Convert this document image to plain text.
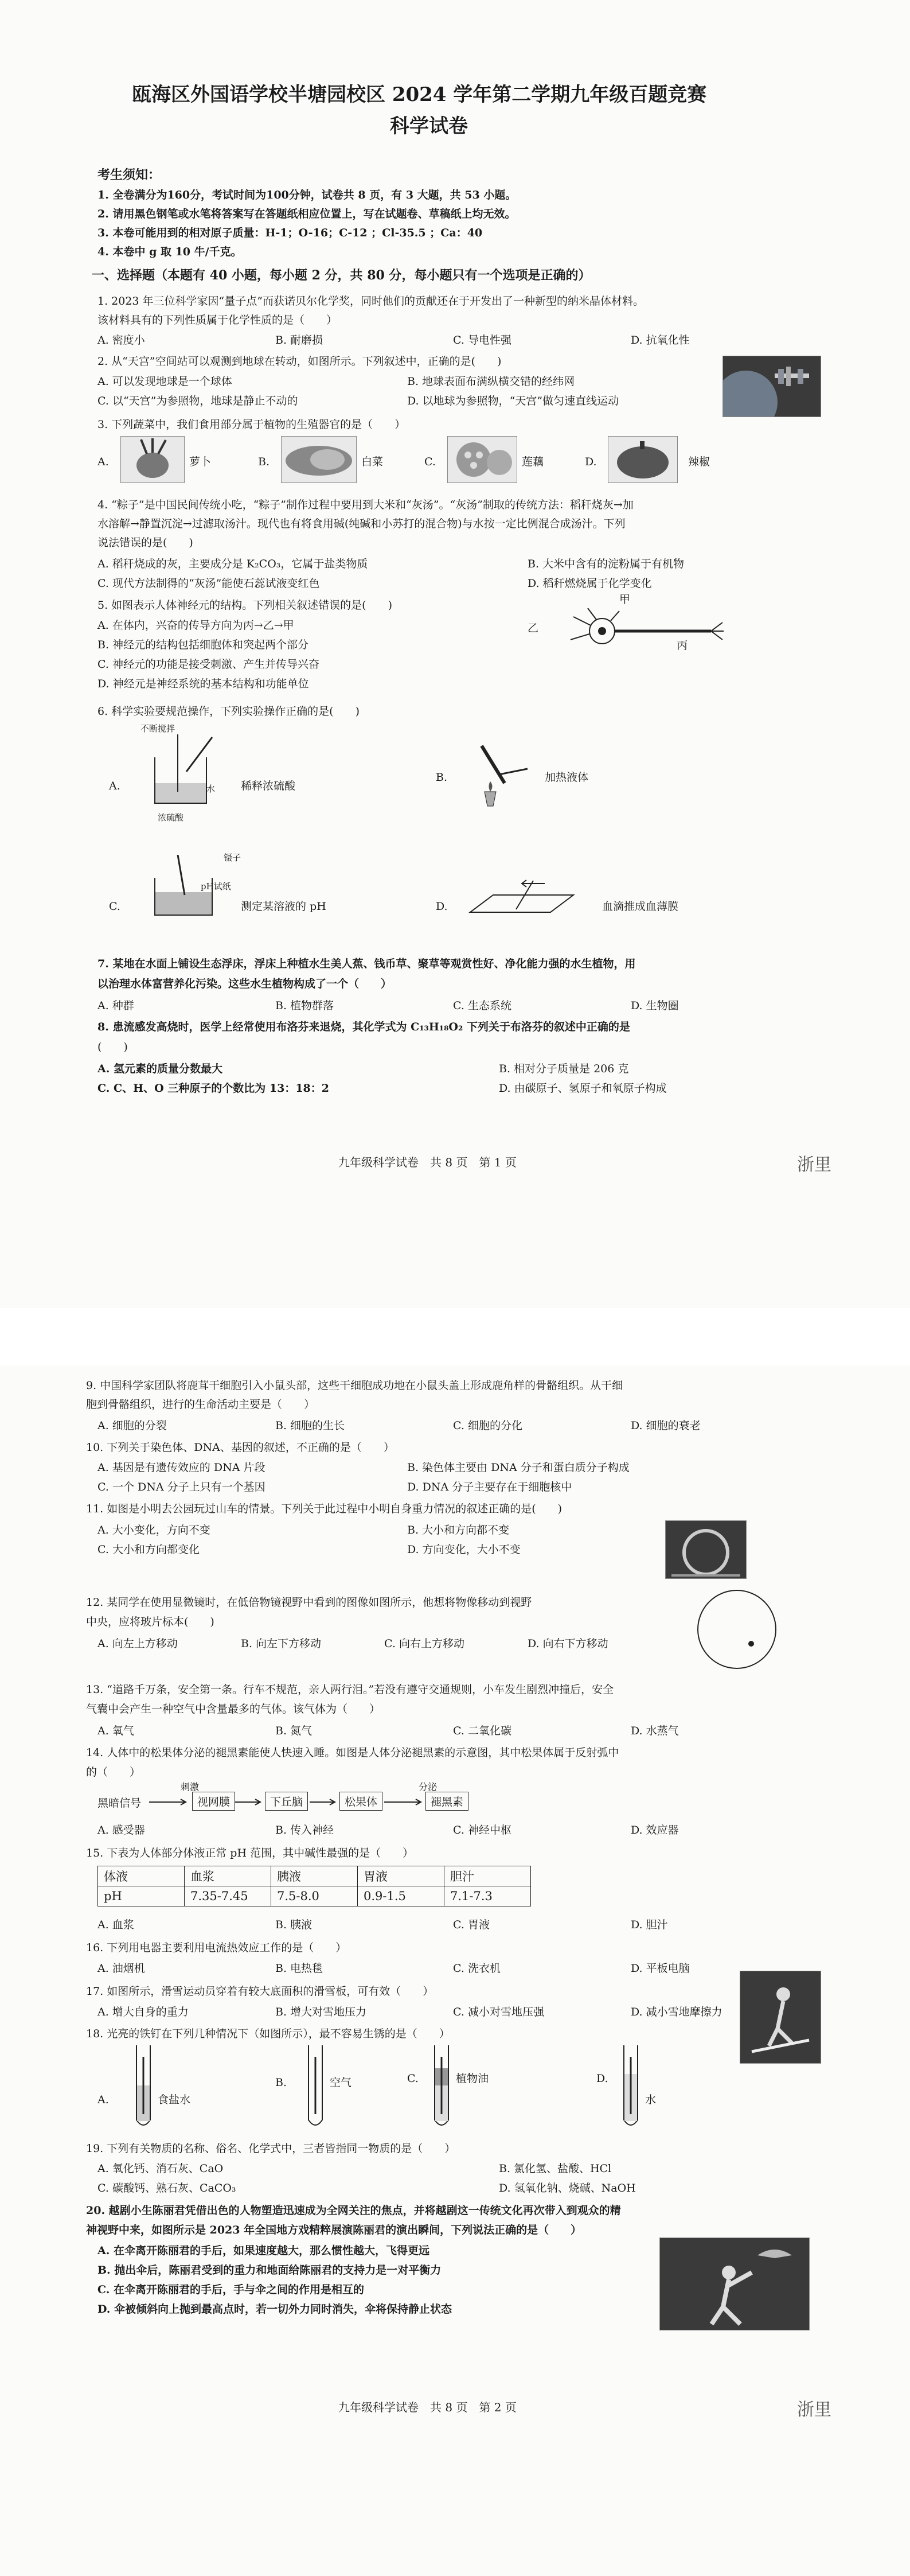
瓯海区外国语学校半塘园校区 2024 学年第二学期九年级百题竞赛
科学试卷
考生须知：
1. 全卷满分为160分，考试时间为100分钟，试卷共 8 页，有 3 大题，共 53 小题。
2. 请用黑色钢笔或水笔将答案写在答题纸相应位置上，写在试题卷、草稿纸上均无效。
3. 本卷可能用到的相对原子质量：H-1；O-16；C-12 ；Cl-35.5 ；Ca：40
4. 本卷中 g 取 10 牛/千克。
一、选择题（本题有 40 小题，每小题 2 分，共 80 分，每小题只有一个选项是正确的）
1. 2023 年三位科学家因“量子点”而获诺贝尔化学奖，同时他们的贡献还在于开发出了一种新型的纳米晶体材料。
该材料具有的下列性质属于化学性质的是（　　）
A. 密度小	B. 耐磨损	C. 导电性强	D. 抗氧化性
2. 从“天宫”空间站可以观测到地球在转动，如图所示。下列叙述中，正确的是(　　)
A. 可以发现地球是一个球体	B. 地球表面布满纵横交错的经纬网
C. 以“天宫”为参照物，地球是静止不动的	D. 以地球为参照物，“天宫”做匀速直线运动
3. 下列蔬菜中，我们食用部分属于植物的生殖器官的是（　　）
A.	萝卜	B.	白菜	C.	莲藕	D.	辣椒
4. “粽子”是中国民间传统小吃，“粽子”制作过程中要用到大米和“灰汤”。“灰汤”制取的传统方法：稻秆烧灰→加
水溶解→静置沉淀→过滤取汤汁。现代也有将食用碱(纯碱和小苏打的混合物)与水按一定比例混合成汤汁。下列
说法错误的是(　　)
A. 稻秆烧成的灰，主要成分是 K₂CO₃，它属于盐类物质	B. 大米中含有的淀粉属于有机物
C. 现代方法制得的“灰汤”能使石蕊试液变红色	D. 稻秆燃烧属于化学变化
5. 如图表示人体神经元的结构。下列相关叙述错误的是(　　)
A. 在体内，兴奋的传导方向为丙→乙→甲
B. 神经元的结构包括细胞体和突起两个部分
C. 神经元的功能是接受刺激、产生并传导兴奋
D. 神经元是神经系统的基本结构和功能单位
乙
甲
丙
6. 科学实验要规范操作，下列实验操作正确的是(　　)
A.
不断搅拌
水
浓硫酸
稀释浓硫酸
B.	加热液体
C.
镊子
pH试纸
测定某溶液的 pH	D.	血滴推成血薄膜
7. 某地在水面上铺设生态浮床，浮床上种植水生美人蕉、钱币草、聚草等观赏性好、净化能力强的水生植物，用
以治理水体富营养化污染。这些水生植物构成了一个（　　）
A. 种群	B. 植物群落	C. 生态系统	D. 生物圈
8. 患流感发高烧时，医学上经常使用布洛芬来退烧，其化学式为 C₁₃H₁₈O₂ 下列关于布洛芬的叙述中正确的是
(　　)
A. 氢元素的质量分数最大	B. 相对分子质量是 206 克
C. C、H、O 三种原子的个数比为 13：18：2	D. 由碳原子、氢原子和氧原子构成
九年级科学试卷　共 8 页　第 1 页	浙里
9. 中国科学家团队将鹿茸干细胞引入小鼠头部，这些干细胞成功地在小鼠头盖上形成鹿角样的骨骼组织。从干细
胞到骨骼组织，进行的生命活动主要是（　　）
A. 细胞的分裂	B. 细胞的生长	C. 细胞的分化	D. 细胞的衰老
10. 下列关于染色体、DNA、基因的叙述，不正确的是（　　）
A. 基因是有遗传效应的 DNA 片段	B. 染色体主要由 DNA 分子和蛋白质分子构成
C. 一个 DNA 分子上只有一个基因	D. DNA 分子主要存在于细胞核中
11. 如图是小明去公园玩过山车的情景。下列关于此过程中小明自身重力情况的叙述正确的是(　　)
A. 大小变化，方向不变	B. 大小和方向都不变
C. 大小和方向都变化	D. 方向变化，大小不变
12. 某同学在使用显微镜时，在低倍物镜视野中看到的图像如图所示，他想将物像移动到视野
中央，应将玻片标本(　　)
A. 向左上方移动	B. 向左下方移动	C. 向右上方移动	D. 向右下方移动
13. “道路千万条，安全第一条。行车不规范，亲人两行泪。”若没有遵守交通规则，小车发生剧烈冲撞后，安全
气囊中会产生一种空气中含量最多的气体。该气体为（　　）
A. 氧气	B. 氮气	C. 二氧化碳	D. 水蒸气
14. 人体中的松果体分泌的褪黑素能使人快速入睡。如图是人体分泌褪黑素的示意图，其中松果体属于反射弧中
的（　　）
黑暗信号
刺激
视网膜	下丘脑	松果体
分泌
褪黑素
A. 感受器	B. 传入神经	C. 神经中枢	D. 效应器
15. 下表为人体部分体液正常 pH 范围，其中碱性最强的是（　　）
体液	血浆	胰液	胃液	胆汁
pH	7.35-7.45	7.5-8.0	0.9-1.5	7.1-7.3
A. 血浆	B. 胰液	C. 胃液	D. 胆汁
16. 下列用电器主要利用电流热效应工作的是（　　）
A. 油烟机	B. 电热毯	C. 洗衣机	D. 平板电脑
17. 如图所示，滑雪运动员穿着有较大底面积的滑雪板，可有效（　　）
A. 增大自身的重力	B. 增大对雪地压力	C. 减小对雪地压强	D. 减小雪地摩擦力
18. 光亮的铁钉在下列几种情况下（如图所示），最不容易生锈的是（　　）
A.	食盐水
B.	空气	C.	植物油	D.
水
19. 下列有关物质的名称、俗名、化学式中，三者皆指同一物质的是（　　）
A. 氧化钙、消石灰、CaO	B. 氯化氢、盐酸、HCl
C. 碳酸钙、熟石灰、CaCO₃	D. 氢氧化钠、烧碱、NaOH
20. 越剧小生陈丽君凭借出色的人物塑造迅速成为全网关注的焦点，并将越剧这一传统文化再次带入到观众的精
神视野中来，如图所示是 2023 年全国地方戏精粹展演陈丽君的演出瞬间，下列说法正确的是（　　）
A. 在伞离开陈丽君的手后，如果速度越大，那么惯性越大，飞得更远
B. 抛出伞后，陈丽君受到的重力和地面给陈丽君的支持力是一对平衡力
C. 在伞离开陈丽君的手后，手与伞之间的作用是相互的
D. 伞被倾斜向上抛到最高点时，若一切外力同时消失，伞将保持静止状态
九年级科学试卷　共 8 页　第 2 页	浙里
